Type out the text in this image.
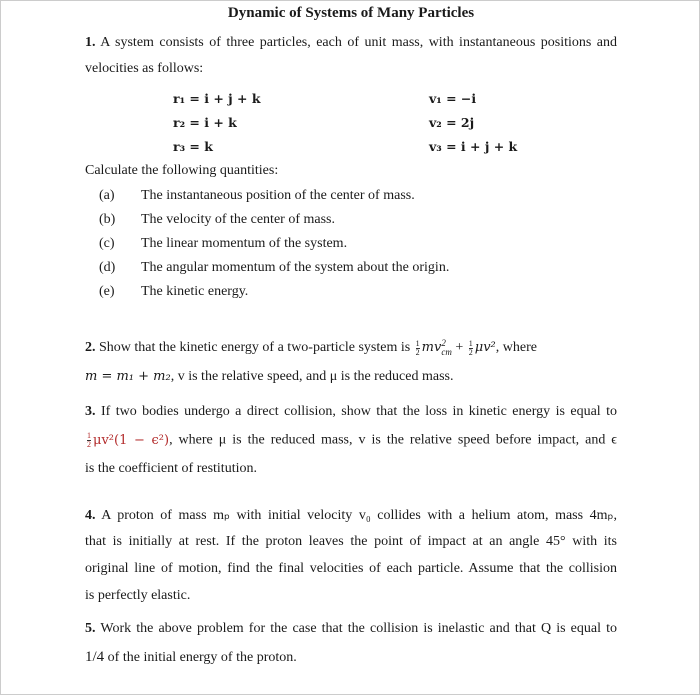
Dynamic of Systems of Many Particles
1. A system consists of three particles, each of unit mass, with instantaneous positions and
velocities as follows:
r₁ = i + j + k
r₂ = i + k
r₃ = k
v₁ = −i
v₂ = 2j
v₃ = i + j + k
Calculate the following quantities:
(a) The instantaneous position of the center of mass.
(b) The velocity of the center of mass.
(c) The linear momentum of the system.
(d) The angular momentum of the system about the origin.
(e) The kinetic energy.
2. Show that the kinetic energy of a two-particle system is $\frac{1}{2}$ mv 2
cm + $\frac{1}{2} \mu v^2$, where
m = m₁ + m₂, v is the relative speed, and μ is the reduced mass.
3. If two bodies undergo a direct collision, show that the loss in kinetic energy is equal to
$\frac{1}{2} \mu v^2(1 - \epsilon^2)$, where μ is the reduced mass, v is the relative speed before impact, and ϵ
is the coefficient of restitution.
4. A proton of mass mₚ with initial velocity v₀ collides with a helium atom, mass 4mₚ,
that is initially at rest. If the proton leaves the point of impact at an angle 45° with its
original line of motion, find the final velocities of each particle. Assume that the collision
is perfectly elastic.
5. Work the above problem for the case that the collision is inelastic and that Q is equal to
1/4 of the initial energy of the proton.
